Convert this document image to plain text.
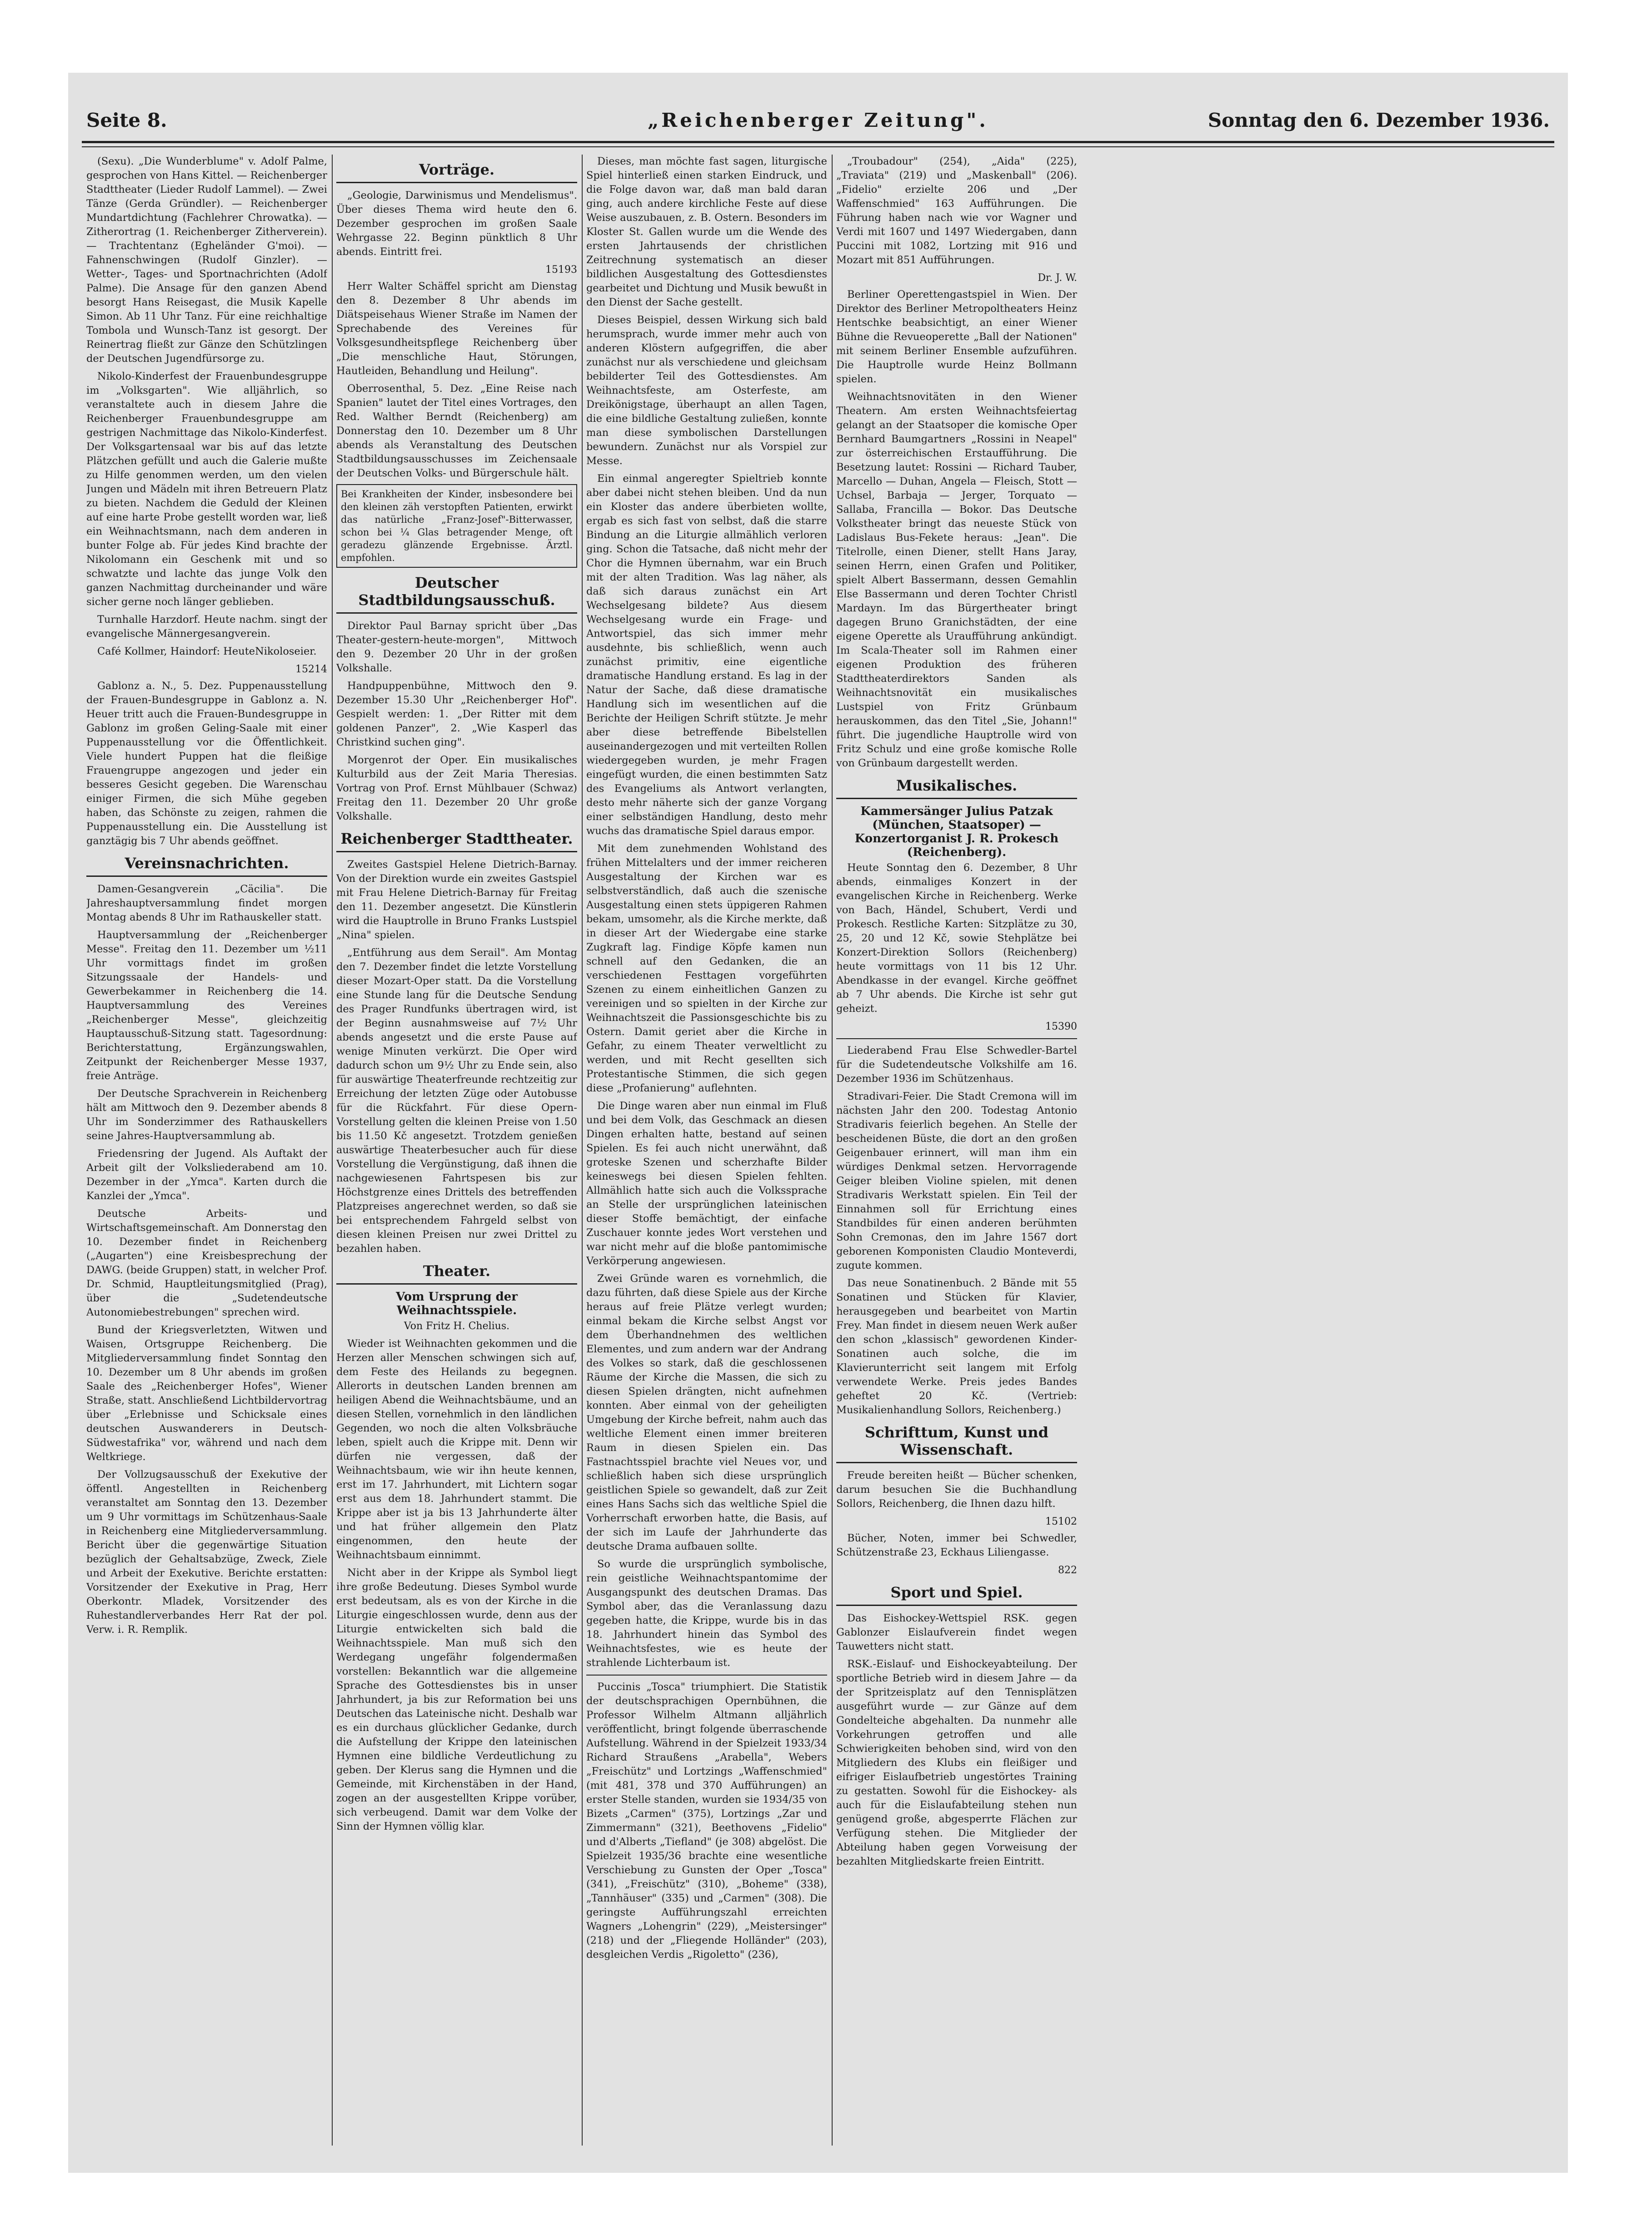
Seite 8.	„Reichenberger Zeitung".	Sonntag den 6. Dezember 1936.

(Sexu). „Die Wunderblume" v. Adolf Palme, gesprochen von Hans Kittel. — Reichenberger Stadttheater (Lieder Rudolf Lammel). — Zwei Tänze (Gerda Gründler). — Reichenberger Mundartdichtung (Fachlehrer Chrowatka). — Zitherortrag (1. Reichenberger Zitherverein). — Trachtentanz (Egheländer G'moi). — Fahnenschwingen (Rudolf Ginzler). — Wetter-, Tages- und Sportnachrichten (Adolf Palme). Die Ansage für den ganzen Abend besorgt Hans Reisegast, die Musik Kapelle Simon. Ab 11 Uhr Tanz. Für eine reichhaltige Tombola und Wunsch-Tanz ist gesorgt. Der Reinertrag fließt zur Gänze den Schützlingen der Deutschen Jugendfürsorge zu.

Nikolo-Kinderfest der Frauenbundesgruppe im „Volksgarten". Wie alljährlich, so veranstaltete auch in diesem Jahre die Reichenberger Frauenbundesgruppe am gestrigen Nachmittage das Nikolo-Kinderfest. Der Volksgartensaal war bis auf das letzte Plätzchen gefüllt und auch die Galerie mußte zu Hilfe genommen werden, um den vielen Jungen und Mädeln mit ihren Betreuern Platz zu bieten. Nachdem die Geduld der Kleinen auf eine harte Probe gestellt worden war, ließ ein Weihnachtsmann, nach dem anderen in bunter Folge ab. Für jedes Kind brachte der Nikolomann ein Geschenk mit und so schwatzte und lachte das junge Volk den ganzen Nachmittag durcheinander und wäre sicher gerne noch länger geblieben.

Turnhalle Harzdorf. Heute nachm. singt der evangelische Männergesangverein.

Café Kollmer, Haindorf: HeuteNikoloseier.

15214

Gablonz a. N., 5. Dez. Puppenausstellung der Frauen-Bundesgruppe in Gablonz a. N. Heuer tritt auch die Frauen-Bundesgruppe in Gablonz im großen Geling-Saale mit einer Puppenausstellung vor die Öffentlichkeit. Viele hundert Puppen hat die fleißige Frauengruppe angezogen und jeder ein besseres Gesicht gegeben. Die Warenschau einiger Firmen, die sich Mühe gegeben haben, das Schönste zu zeigen, rahmen die Puppenausstellung ein. Die Ausstellung ist ganztägig bis 7 Uhr abends geöffnet.

Vereinsnachrichten.

Damen-Gesangverein „Cäcilia". Die Jahreshauptversammlung findet morgen Montag abends 8 Uhr im Rathauskeller statt.

Hauptversammlung der „Reichenberger Messe". Freitag den 11. Dezember um ½11 Uhr vormittags findet im großen Sitzungssaale der Handels- und Gewerbekammer in Reichenberg die 14. Hauptversammlung des Vereines „Reichenberger Messe", gleichzeitig Hauptausschuß-Sitzung statt. Tagesordnung: Berichterstattung, Ergänzungswahlen, Zeitpunkt der Reichenberger Messe 1937, freie Anträge.

Der Deutsche Sprachverein in Reichenberg hält am Mittwoch den 9. Dezember abends 8 Uhr im Sonderzimmer des Rathauskellers seine Jahres-Hauptversammlung ab.

Friedensring der Jugend. Als Auftakt der Arbeit gilt der Volksliederabend am 10. Dezember in der „Ymca". Karten durch die Kanzlei der „Ymca".

Deutsche Arbeits- und Wirtschaftsgemeinschaft. Am Donnerstag den 10. Dezember findet in Reichenberg („Augarten") eine Kreisbesprechung der DAWG. (beide Gruppen) statt, in welcher Prof. Dr. Schmid, Hauptleitungsmitglied (Prag), über die „Sudetendeutsche Autonomiebestrebungen" sprechen wird.

Bund der Kriegsverletzten, Witwen und Waisen, Ortsgruppe Reichenberg. Die Mitgliederversammlung findet Sonntag den 10. Dezember um 8 Uhr abends im großen Saale des „Reichenberger Hofes", Wiener Straße, statt. Anschließend Lichtbildervortrag über „Erlebnisse und Schicksale eines deutschen Auswanderers in Deutsch-Südwestafrika" vor, während und nach dem Weltkriege.

Der Vollzugsausschuß der Exekutive der öffentl. Angestellten in Reichenberg veranstaltet am Sonntag den 13. Dezember um 9 Uhr vormittags im Schützenhaus-Saale in Reichenberg eine Mitgliederversammlung. Bericht über die gegenwärtige Situation bezüglich der Gehaltsabzüge, Zweck, Ziele und Arbeit der Exekutive. Berichte erstatten: Vorsitzender der Exekutive in Prag, Herr Oberkontr. Mladek, Vorsitzender des Ruhestandlerverbandes Herr Rat der pol. Verw. i. R. Remplik.

Vorträge.

„Geologie, Darwinismus und Mendelismus". Über dieses Thema wird heute den 6. Dezember gesprochen im großen Saale Wehrgasse 22. Beginn pünktlich 8 Uhr abends. Eintritt frei.

15193

Herr Walter Schäffel spricht am Dienstag den 8. Dezember 8 Uhr abends im Diätspeisehaus Wiener Straße im Namen der Sprechabende des Vereines für Volksgesundheitspflege Reichenberg über „Die menschliche Haut, Störungen, Hautleiden, Behandlung und Heilung".

Oberrosenthal, 5. Dez. „Eine Reise nach Spanien" lautet der Titel eines Vortrages, den Red. Walther Berndt (Reichenberg) am Donnerstag den 10. Dezember um 8 Uhr abends als Veranstaltung des Deutschen Stadtbildungsausschusses im Zeichensaale der Deutschen Volks- und Bürgerschule hält.

Bei Krankheiten der Kinder, insbesondere bei den kleinen zäh verstopften Patienten, erwirkt das natürliche „Franz-Josef"-Bitterwasser, schon bei ¼ Glas betragender Menge, oft geradezu glänzende Ergebnisse. Ärztl. empfohlen.
Deutscher Stadtbildungsausschuß.

Direktor Paul Barnay spricht über „Das Theater-gestern-heute-morgen", Mittwoch den 9. Dezember 20 Uhr in der großen Volkshalle.

Handpuppenbühne, Mittwoch den 9. Dezember 15.30 Uhr „Reichenberger Hof". Gespielt werden: 1. „Der Ritter mit dem goldenen Panzer", 2. „Wie Kasperl das Christkind suchen ging".

Morgenrot der Oper. Ein musikalisches Kulturbild aus der Zeit Maria Theresias. Vortrag von Prof. Ernst Mühlbauer (Schwaz) Freitag den 11. Dezember 20 Uhr große Volkshalle.

Reichenberger Stadttheater.

Zweites Gastspiel Helene Dietrich-Barnay. Von der Direktion wurde ein zweites Gastspiel mit Frau Helene Dietrich-Barnay für Freitag den 11. Dezember angesetzt. Die Künstlerin wird die Hauptrolle in Bruno Franks Lustspiel „Nina" spielen.

„Entführung aus dem Serail". Am Montag den 7. Dezember findet die letzte Vorstellung dieser Mozart-Oper statt. Da die Vorstellung eine Stunde lang für die Deutsche Sendung des Prager Rundfunks übertragen wird, ist der Beginn ausnahmsweise auf 7½ Uhr abends angesetzt und die erste Pause auf wenige Minuten verkürzt. Die Oper wird dadurch schon um 9½ Uhr zu Ende sein, also für auswärtige Theaterfreunde rechtzeitig zur Erreichung der letzten Züge oder Autobusse für die Rückfahrt. Für diese Opern-Vorstellung gelten die kleinen Preise von 1.50 bis 11.50 Kč angesetzt. Trotzdem genießen auswärtige Theaterbesucher auch für diese Vorstellung die Vergünstigung, daß ihnen die nachgewiesenen Fahrtspesen bis zur Höchstgrenze eines Drittels des betreffenden Platzpreises angerechnet werden, so daß sie bei entsprechendem Fahrgeld selbst von diesen kleinen Preisen nur zwei Drittel zu bezahlen haben.

Theater.
Vom Ursprung der Weihnachtsspiele.
Von Fritz H. Chelius.

Wieder ist Weihnachten gekommen und die Herzen aller Menschen schwingen sich auf, dem Feste des Heilands zu begegnen. Allerorts in deutschen Landen brennen am heiligen Abend die Weihnachtsbäume, und an diesen Stellen, vornehmlich in den ländlichen Gegenden, wo noch die alten Volksbräuche leben, spielt auch die Krippe mit. Denn wir dürfen nie vergessen, daß der Weihnachtsbaum, wie wir ihn heute kennen, erst im 17. Jahrhundert, mit Lichtern sogar erst aus dem 18. Jahrhundert stammt. Die Krippe aber ist ja bis 13 Jahrhunderte älter und hat früher allgemein den Platz eingenommen, den heute der Weihnachtsbaum einnimmt.

Nicht aber in der Krippe als Symbol liegt ihre große Bedeutung. Dieses Symbol wurde erst bedeutsam, als es von der Kirche in die Liturgie eingeschlossen wurde, denn aus der Liturgie entwickelten sich bald die Weihnachtsspiele. Man muß sich den Werdegang ungefähr folgendermaßen vorstellen: Bekanntlich war die allgemeine Sprache des Gottesdienstes bis in unser Jahrhundert, ja bis zur Reformation bei uns Deutschen das Lateinische nicht. Deshalb war es ein durchaus glücklicher Gedanke, durch die Aufstellung der Krippe den lateinischen Hymnen eine bildliche Verdeutlichung zu geben. Der Klerus sang die Hymnen und die Gemeinde, mit Kirchenstäben in der Hand, zogen an der ausgestellten Krippe vorüber, sich verbeugend. Damit war dem Volke der Sinn der Hymnen völlig klar.

Dieses, man möchte fast sagen, liturgische Spiel hinterließ einen starken Eindruck, und die Folge davon war, daß man bald daran ging, auch andere kirchliche Feste auf diese Weise auszubauen, z. B. Ostern. Besonders im Kloster St. Gallen wurde um die Wende des ersten Jahrtausends der christlichen Zeitrechnung systematisch an dieser bildlichen Ausgestaltung des Gottesdienstes gearbeitet und Dichtung und Musik bewußt in den Dienst der Sache gestellt.

Dieses Beispiel, dessen Wirkung sich bald herumsprach, wurde immer mehr auch von anderen Klöstern aufgegriffen, die aber zunächst nur als verschiedene und gleichsam bebilderter Teil des Gottesdienstes. Am Weihnachtsfeste, am Osterfeste, am Dreikönigstage, überhaupt an allen Tagen, die eine bildliche Gestaltung zuließen, konnte man diese symbolischen Darstellungen bewundern. Zunächst nur als Vorspiel zur Messe.

Ein einmal angeregter Spieltrieb konnte aber dabei nicht stehen bleiben. Und da nun ein Kloster das andere überbieten wollte, ergab es sich fast von selbst, daß die starre Bindung an die Liturgie allmählich verloren ging. Schon die Tatsache, daß nicht mehr der Chor die Hymnen übernahm, war ein Bruch mit der alten Tradition. Was lag näher, als daß sich daraus zunächst ein Art Wechselgesang bildete? Aus diesem Wechselgesang wurde ein Frage- und Antwortspiel, das sich immer mehr ausdehnte, bis schließlich, wenn auch zunächst primitiv, eine eigentliche dramatische Handlung erstand. Es lag in der Natur der Sache, daß diese dramatische Handlung sich im wesentlichen auf die Berichte der Heiligen Schrift stützte. Je mehr aber diese betreffende Bibelstellen auseinandergezogen und mit verteilten Rollen wiedergegeben wurden, je mehr Fragen eingefügt wurden, die einen bestimmten Satz des Evangeliums als Antwort verlangten, desto mehr näherte sich der ganze Vorgang einer selbständigen Handlung, desto mehr wuchs das dramatische Spiel daraus empor.

Mit dem zunehmenden Wohlstand des frühen Mittelalters und der immer reicheren Ausgestaltung der Kirchen war es selbstverständlich, daß auch die szenische Ausgestaltung einen stets üppigeren Rahmen bekam, umsomehr, als die Kirche merkte, daß in dieser Art der Wiedergabe eine starke Zugkraft lag. Findige Köpfe kamen nun schnell auf den Gedanken, die an verschiedenen Festtagen vorgeführten Szenen zu einem einheitlichen Ganzen zu vereinigen und so spielten in der Kirche zur Weihnachtszeit die Passionsgeschichte bis zu Ostern. Damit geriet aber die Kirche in Gefahr, zu einem Theater verweltlicht zu werden, und mit Recht gesellten sich Protestantische Stimmen, die sich gegen diese „Profanierung" auflehnten.

Die Dinge waren aber nun einmal im Fluß und bei dem Volk, das Geschmack an diesen Dingen erhalten hatte, bestand auf seinen Spielen. Es fei auch nicht unerwähnt, daß groteske Szenen und scherzhafte Bilder keineswegs bei diesen Spielen fehlten. Allmählich hatte sich auch die Volkssprache an Stelle der ursprünglichen lateinischen dieser Stoffe bemächtigt, der einfache Zuschauer konnte jedes Wort verstehen und war nicht mehr auf die bloße pantomimische Verkörperung angewiesen.

Zwei Gründe waren es vornehmlich, die dazu führten, daß diese Spiele aus der Kirche heraus auf freie Plätze verlegt wurden; einmal bekam die Kirche selbst Angst vor dem Überhandnehmen des weltlichen Elementes, und zum andern war der Andrang des Volkes so stark, daß die geschlossenen Räume der Kirche die Massen, die sich zu diesen Spielen drängten, nicht aufnehmen konnten. Aber einmal von der geheiligten Umgebung der Kirche befreit, nahm auch das weltliche Element einen immer breiteren Raum in diesen Spielen ein. Das Fastnachtsspiel brachte viel Neues vor, und schließlich haben sich diese ursprünglich geistlichen Spiele so gewandelt, daß zur Zeit eines Hans Sachs sich das weltliche Spiel die Vorherrschaft erworben hatte, die Basis, auf der sich im Laufe der Jahrhunderte das deutsche Drama aufbauen sollte.

So wurde die ursprünglich symbolische, rein geistliche Weihnachtspantomime der Ausgangspunkt des deutschen Dramas. Das Symbol aber, das die Veranlassung dazu gegeben hatte, die Krippe, wurde bis in das 18. Jahrhundert hinein das Symbol des Weihnachtsfestes, wie es heute der strahlende Lichterbaum ist.

Puccinis „Tosca" triumphiert. Die Statistik der deutschsprachigen Opernbühnen, die Professor Wilhelm Altmann alljährlich veröffentlicht, bringt folgende überraschende Aufstellung. Während in der Spielzeit 1933/34 Richard Straußens „Arabella", Webers „Freischütz" und Lortzings „Waffenschmied" (mit 481, 378 und 370 Aufführungen) an erster Stelle standen, wurden sie 1934/35 von Bizets „Carmen" (375), Lortzings „Zar und Zimmermann" (321), Beethovens „Fidelio" und d'Alberts „Tiefland" (je 308) abgelöst. Die Spielzeit 1935/36 brachte eine wesentliche Verschiebung zu Gunsten der Oper „Tosca" (341), „Freischütz" (310), „Boheme" (338), „Tannhäuser" (335) und „Carmen" (308). Die geringste Aufführungszahl erreichten Wagners „Lohengrin" (229), „Meistersinger" (218) und der „Fliegende Holländer" (203), desgleichen Verdis „Rigoletto" (236),

„Troubadour" (254), „Aida" (225), „Traviata" (219) und „Maskenball" (206). „Fidelio" erzielte 206 und „Der Waffenschmied" 163 Aufführungen. Die Führung haben nach wie vor Wagner und Verdi mit 1607 und 1497 Wiedergaben, dann Puccini mit 1082, Lortzing mit 916 und Mozart mit 851 Aufführungen.

Dr. J. W.

Berliner Operettengastspiel in Wien. Der Direktor des Berliner Metropoltheaters Heinz Hentschke beabsichtigt, an einer Wiener Bühne die Revueoperette „Ball der Nationen" mit seinem Berliner Ensemble aufzuführen. Die Hauptrolle wurde Heinz Bollmann spielen.

Weihnachtsnovitäten in den Wiener Theatern. Am ersten Weihnachtsfeiertag gelangt an der Staatsoper die komische Oper Bernhard Baumgartners „Rossini in Neapel" zur österreichischen Erstaufführung. Die Besetzung lautet: Rossini — Richard Tauber, Marcello — Duhan, Angela — Fleisch, Stott — Uchsel, Barbaja — Jerger, Torquato — Sallaba, Francilla — Bokor. Das Deutsche Volkstheater bringt das neueste Stück von Ladislaus Bus-Fekete heraus: „Jean". Die Titelrolle, einen Diener, stellt Hans Jaray, seinen Herrn, einen Grafen und Politiker, spielt Albert Bassermann, dessen Gemahlin Else Bassermann und deren Tochter Christl Mardayn. Im das Bürgertheater bringt dagegen Bruno Granichstädten, der eine eigene Operette als Uraufführung ankündigt. Im Scala-Theater soll im Rahmen einer eigenen Produktion des früheren Stadttheaterdirektors Sanden als Weihnachtsnovität ein musikalisches Lustspiel von Fritz Grünbaum herauskommen, das den Titel „Sie, Johann!" führt. Die jugendliche Hauptrolle wird von Fritz Schulz und eine große komische Rolle von Grünbaum dargestellt werden.

Musikalisches.
Kammersänger Julius Patzak (München, Staatsoper) — Konzertorganist J. R. Prokesch (Reichenberg).

Heute Sonntag den 6. Dezember, 8 Uhr abends, einmaliges Konzert in der evangelischen Kirche in Reichenberg. Werke von Bach, Händel, Schubert, Verdi und Prokesch. Restliche Karten: Sitzplätze zu 30, 25, 20 und 12 Kč, sowie Stehplätze bei Konzert-Direktion Sollors (Reichenberg) heute vormittags von 11 bis 12 Uhr. Abendkasse in der evangel. Kirche geöffnet ab 7 Uhr abends. Die Kirche ist sehr gut geheizt.

15390

Liederabend Frau Else Schwedler-Bartel für die Sudetendeutsche Volkshilfe am 16. Dezember 1936 im Schützenhaus.

Stradivari-Feier. Die Stadt Cremona will im nächsten Jahr den 200. Todestag Antonio Stradivaris feierlich begehen. An Stelle der bescheidenen Büste, die dort an den großen Geigenbauer erinnert, will man ihm ein würdiges Denkmal setzen. Hervorragende Geiger bleiben Violine spielen, mit denen Stradivaris Werkstatt spielen. Ein Teil der Einnahmen soll für Errichtung eines Standbildes für einen anderen berühmten Sohn Cremonas, den im Jahre 1567 dort geborenen Komponisten Claudio Monteverdi, zugute kommen.

Das neue Sonatinenbuch. 2 Bände mit 55 Sonatinen und Stücken für Klavier, herausgegeben und bearbeitet von Martin Frey. Man findet in diesem neuen Werk außer den schon „klassisch" gewordenen Kinder-Sonatinen auch solche, die im Klavierunterricht seit langem mit Erfolg verwendete Werke. Preis jedes Bandes geheftet 20 Kč. (Vertrieb: Musikalienhandlung Sollors, Reichenberg.)

Schrifttum, Kunst und Wissenschaft.

Freude bereiten heißt — Bücher schenken, darum besuchen Sie die Buchhandlung Sollors, Reichenberg, die Ihnen dazu hilft.

15102

Bücher, Noten, immer bei Schwedler, Schützenstraße 23, Eckhaus Liliengasse.

822
Sport und Spiel.

Das Eishockey-Wettspiel RSK. gegen Gablonzer Eislaufverein findet wegen Tauwetters nicht statt.

RSK.-Eislauf- und Eishockeyabteilung. Der sportliche Betrieb wird in diesem Jahre — da der Spritzeisplatz auf den Tennisplätzen ausgeführt wurde — zur Gänze auf dem Gondelteiche abgehalten. Da nunmehr alle Vorkehrungen getroffen und alle Schwierigkeiten behoben sind, wird von den Mitgliedern des Klubs ein fleißiger und eifriger Eislaufbetrieb ungestörtes Training zu gestatten. Sowohl für die Eishockey- als auch für die Eislaufabteilung stehen nun genügend große, abgesperrte Flächen zur Verfügung stehen. Die Mitglieder der Abteilung haben gegen Vorweisung der bezahlten Mitgliedskarte freien Eintritt.
